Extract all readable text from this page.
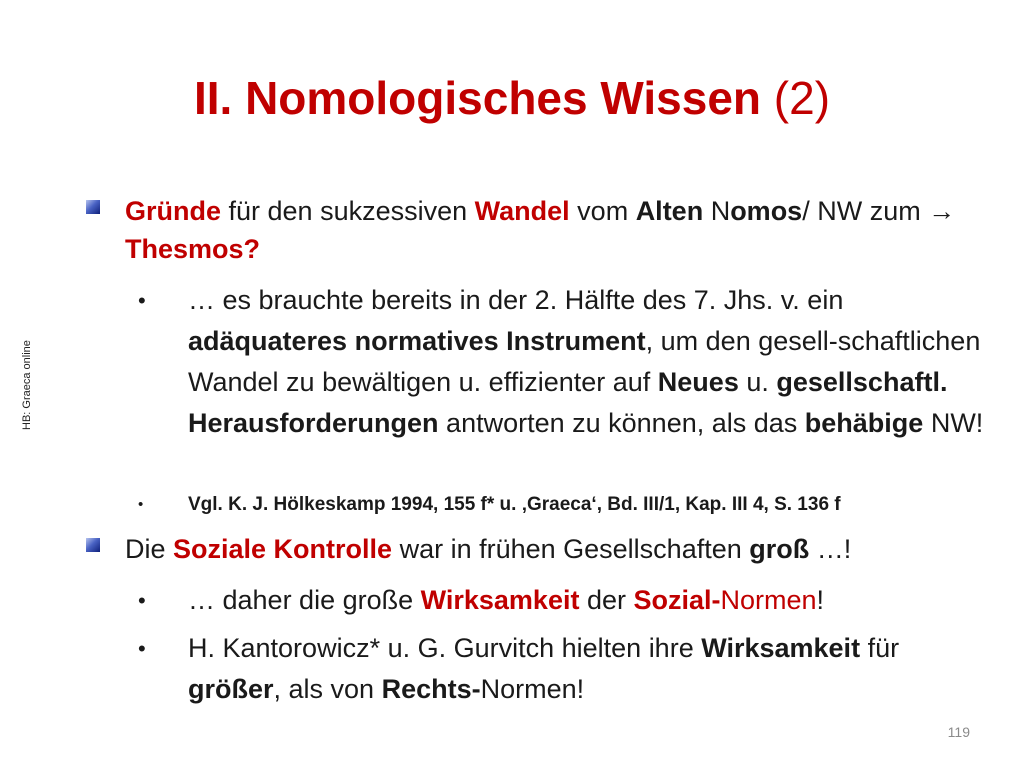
II. Nomologisches Wissen (2)
HB: Graeca online
Gründe für den sukzessiven Wandel vom Alten Nomos/ NW zum → Thesmos?
•	… es brauchte bereits in der 2. Hälfte des 7. Jhs. v. ein adäquateres normatives Instrument, um den gesell-schaftlichen Wandel zu bewältigen u. effizienter auf Neues u. gesellschaftl. Herausforderungen antworten zu können, als das behäbige NW!
•	Vgl. K. J. Hölkeskamp 1994, 155 f* u. ‚Graeca‘, Bd. III/1, Kap. III 4, S. 136 f
Die Soziale Kontrolle war in frühen Gesellschaften groß …!
•	… daher die große Wirksamkeit der Sozial-Normen!
•	H. Kantorowicz* u. G. Gurvitch hielten ihre Wirksamkeit für größer, als von Rechts-Normen!
119
